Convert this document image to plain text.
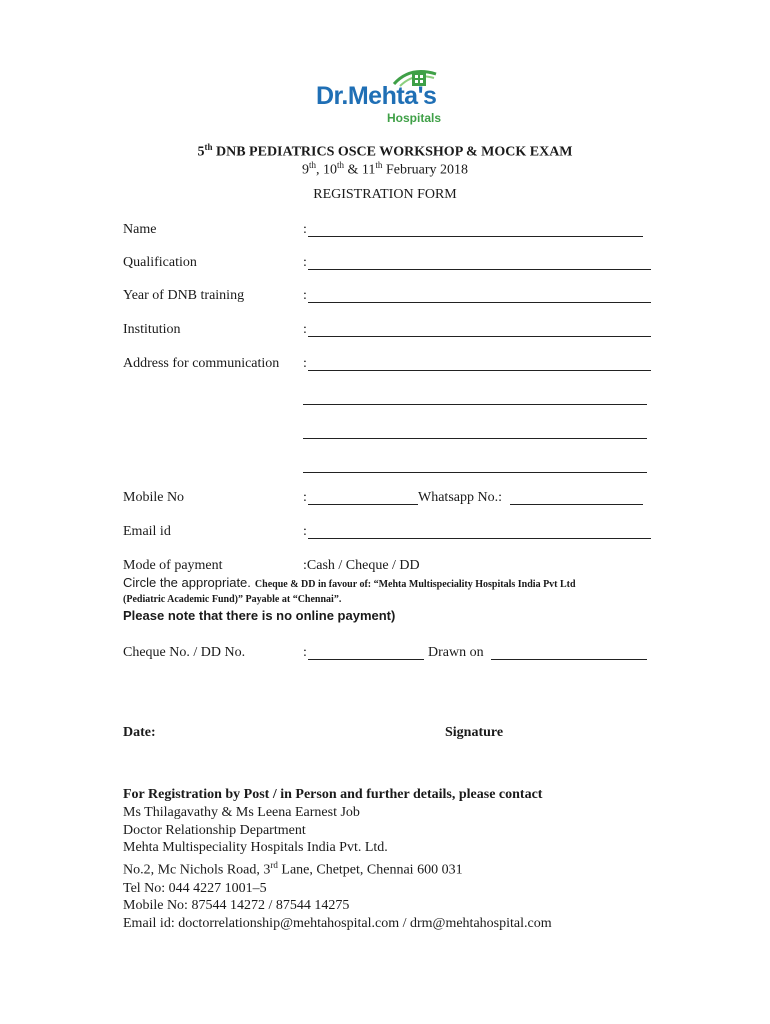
Dr.Mehta's
Hospitals
5th DNB PEDIATRICS OSCE WORKSHOP & MOCK EXAM
9th, 10th & 11th February 2018
REGISTRATION FORM
Name	:
Qualification	:
Year of DNB training	:
Institution	:
Address for communication :
Mobile No	:	Whatsapp No.:
Email id	:
Mode of payment	:Cash / Cheque / DD
Circle the appropriate. Cheque & DD in favour of: “Mehta Multispeciality Hospitals India Pvt Ltd
(Pediatric Academic Fund)” Payable at “Chennai”.
Please note that there is no online payment)
Cheque No. / DD No.	:	Drawn on
Date:	Signature
For Registration by Post / in Person and further details, please contact
Ms Thilagavathy & Ms Leena Earnest Job
Doctor Relationship Department
Mehta Multispeciality Hospitals India Pvt. Ltd.
No.2, Mc Nichols Road, 3rd Lane, Chetpet, Chennai 600 031
Tel No: 044 4227 1001–5
Mobile No: 87544 14272 / 87544 14275
Email id: doctorrelationship@mehtahospital.com / drm@mehtahospital.com
